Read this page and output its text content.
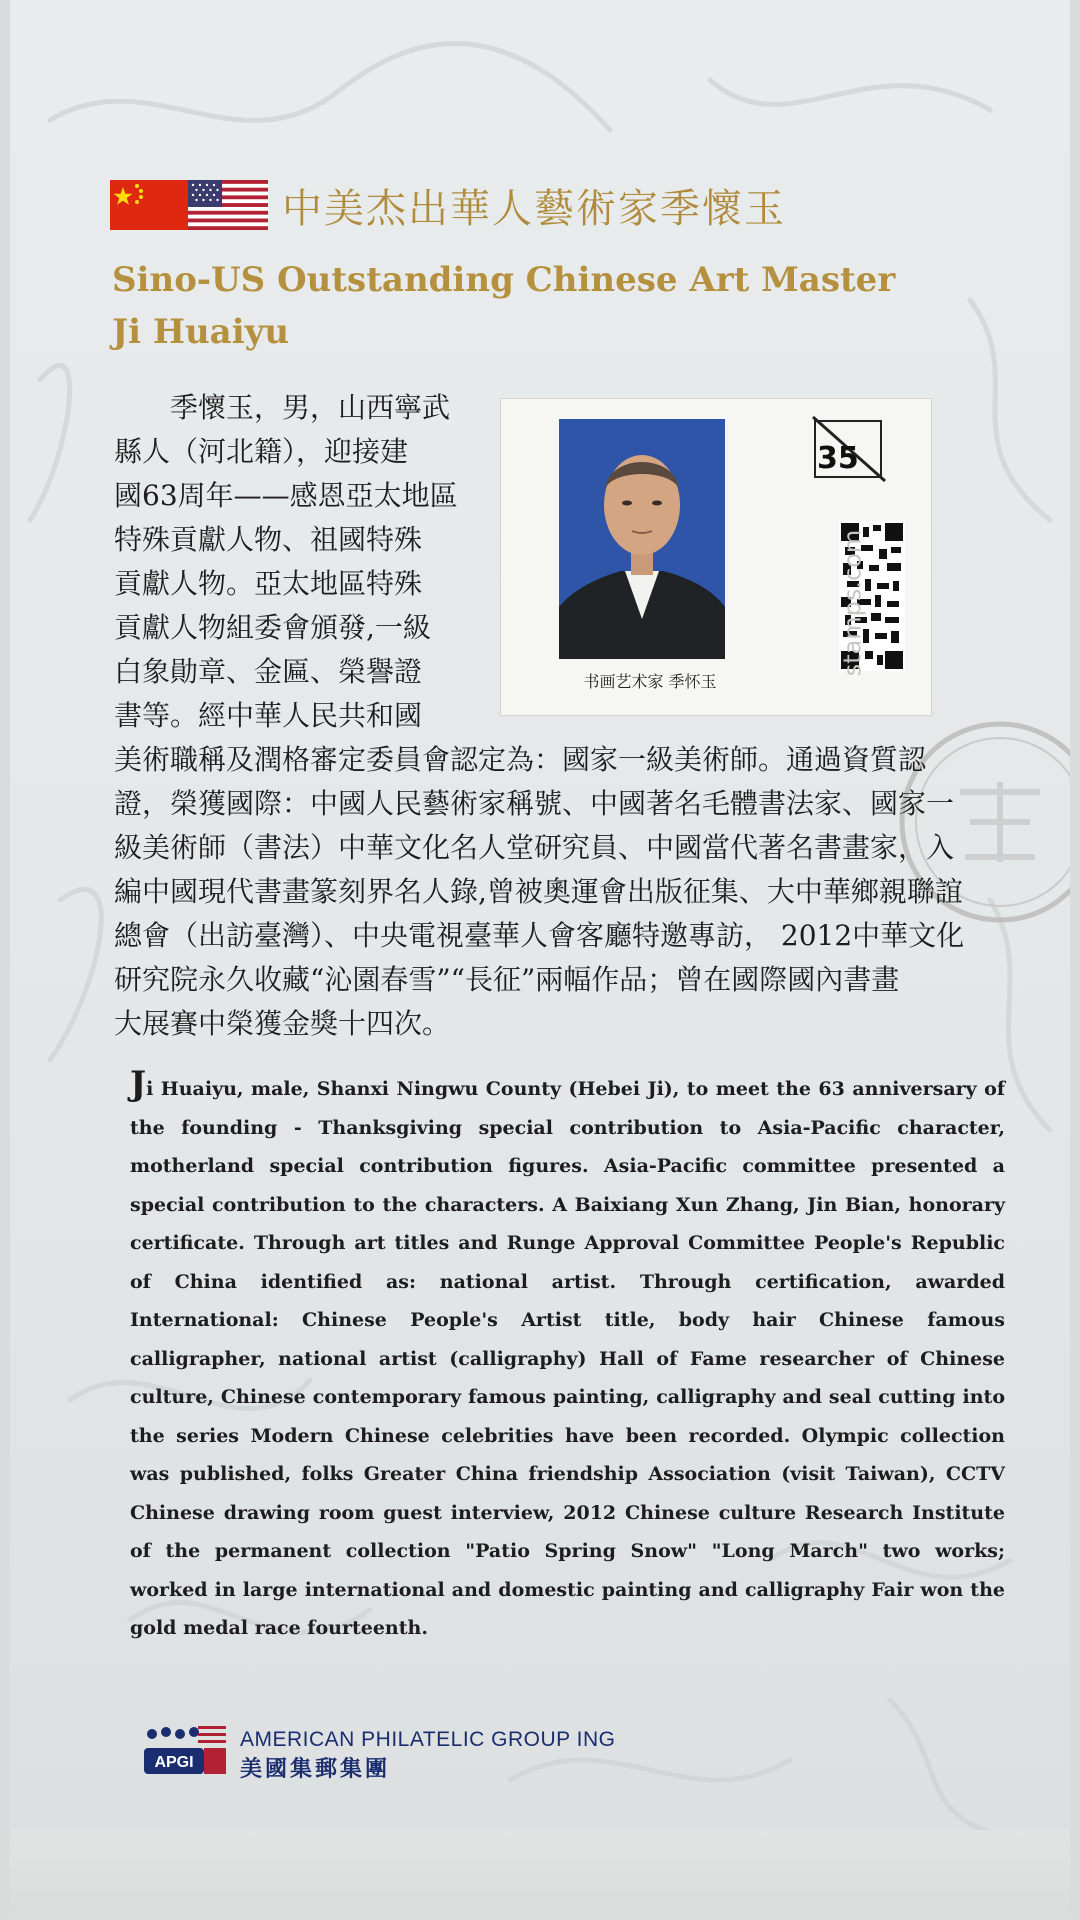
中美杰出華人藝術家季懷玉
Sino-US Outstanding Chinese Art Master
Ji Huaiyu
季懷玉，男，山西寧武
縣人（河北籍），迎接建
國63周年——感恩亞太地區
特殊貢獻人物、祖國特殊
貢獻人物。亞太地區特殊
貢獻人物組委會頒發,一級
白象勛章、金匾、榮譽證
書等。經中華人民共和國
书画艺术家 季怀玉
35
stamps.com
美術職稱及潤格審定委員會認定為：國家一級美術師。通過資質認
證，榮獲國際：中國人民藝術家稱號、中國著名毛體書法家、國家一
級美術師（書法）中華文化名人堂研究員、中國當代著名書畫家，入
編中國現代書畫篆刻界名人錄,曾被奧運會出版征集、大中華鄉親聯誼
總會（出訪臺灣）、中央電視臺華人會客廳特邀專訪， 2012中華文化
研究院永久收藏“沁園春雪”“長征”兩幅作品；曾在國際國內書畫
大展賽中榮獲金獎十四次。
Ji Huaiyu, male, Shanxi Ningwu County (Hebei Ji), to meet the 63 anniversary of the founding - Thanksgiving special contribution to Asia-Pacific character, motherland special contribution figures. Asia-Pacific committee presented a special contribution to the characters. A Baixiang Xun Zhang, Jin Bian, honorary certificate. Through art titles and Runge Approval Committee People's Republic of China identified as: national artist. Through certification, awarded International: Chinese People's Artist title, body hair Chinese famous calligrapher, national artist (calligraphy) Hall of Fame researcher of Chinese culture, Chinese contemporary famous painting, calligraphy and seal cutting into the series Modern Chinese celebrities have been recorded. Olympic collection was published, folks Greater China friendship Association (visit Taiwan), CCTV Chinese drawing room guest interview, 2012 Chinese culture Research Institute of the permanent collection "Patio Spring Snow" "Long March" two works; worked in large international and domestic painting and calligraphy Fair won the gold medal race fourteenth.
APGI
AMERICAN PHILATELIC GROUP ING
美國集郵集團
